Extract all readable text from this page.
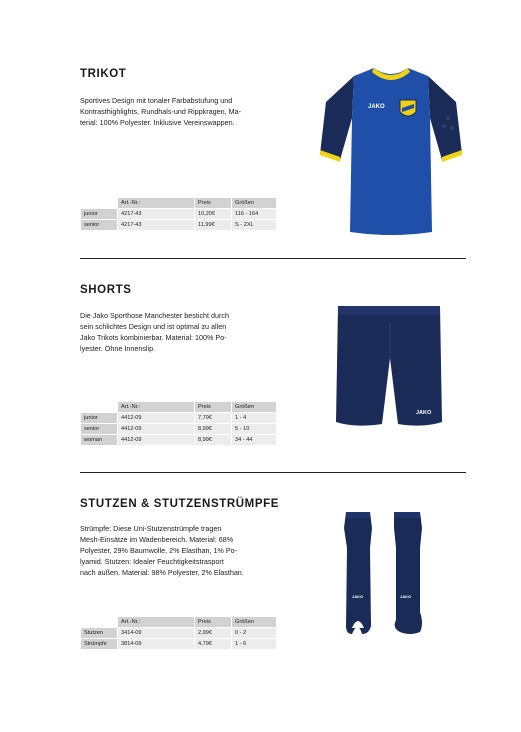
TRIKOT
Sportives Design mit tonaler Farbabstufung und
Kontrasthighlights, Rundhals-und Rippkragen, Ma-
terial: 100% Polyester. Inklusive Vereinswappen.
	Art.-Nr.:	Preis	Größen
junior	4217-43	10,20€	116 - 164
senior	4217-43	11,99€	S - 2XL
JAKO
SHORTS
Die Jako Sporthose Manchester besticht durch
sein schlichtes Design und ist optimal zu allen
Jako Trikots kombinierbar. Material: 100% Po-
lyester. Ohne Innenslip.
	Art.-Nr.:	Preis	Größen
junior	4412-09	7,79€	1 - 4
senior	4412-09	8,99€	5 - 10
woman	4412-09	8,99€	34 - 44
JAKO
STUTZEN & STUTZENSTRÜMPFE
Strümpfe: Diese Uni-Stutzenstrümpfe tragen
Mesh-Einsätze im Wadenbereich. Material: 68%
Polyester, 29% Baumwolle, 2% Elasthan, 1% Po-
lyamid. Stutzen: Idealer Feuchtigkeitstrasport
nach außen. Material: 98% Polyester, 2% Elasthan.
	Art.-Nr.:	Preis	Größen
Stutzen	3414-09	2,99€	0 - 2
Strümpfe	3814-09	4,79€	1 - 6
JAKO	JAKO
